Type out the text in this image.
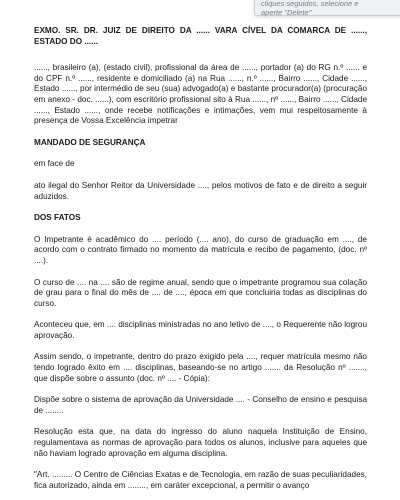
cliques seguidos, selecione e
aperte "Delete"

EXMO. SR. DR. JUIZ DE DIREITO DA ...... VARA CÍVEL DA COMARCA DE ......, ESTADO DO ......

......, brasileiro (a), (estado civil), profissional da área de ......, portador (a) do RG n.º ...... e do CPF n.º ......, residente e domiciliado (a) na Rua ......, n.º ......, Bairro ......, Cidade ......, Estado ......, por intermédio de seu (sua) advogado(a) e bastante procurador(a) (procuração em anexo - doc. ......), com escritório profissional sito à Rua ......, nº ......, Bairro ......, Cidade ......, Estado ......, onde recebe notificações e intimações, vem mui respeitosamente à presença de Vossa Excelência impetrar

MANDADO DE SEGURANÇA

em face de

ato ilegal do Senhor Reitor da Universidade ...., pelos motivos de fato e de direito a seguir aduzidos.

DOS FATOS

O Impetrante é acadêmico do .... período (.... ano), do curso de graduação em ...., de acordo com o contrato firmado no momento da matrícula e recibo de pagamento, (doc. nº ....).

O curso de .... na .... são de regime anual, sendo que o impetrante programou sua colação de grau para o final do mês de .... de ...., época em que concluiria todas as disciplinas do curso.

Aconteceu que, em .... disciplinas ministradas no ano letivo de ...., o Requerente não logrou aprovação.

Assim sendo, o impetrante, dentro do prazo exigido pela ...., requer matrícula mesmo não tendo logrado êxito em .... disciplinas, baseando-se no artigo ....... da Resolução nº ......., que dispõe sobre o assunto (doc. nº .... - Cópia):

Dispõe sobre o sistema de aprovação da Universidade .... - Conselho de ensino e pesquisa de ........

Resolução esta que, na data do ingresso do aluno naquela Instituição de Ensino, regulamentava as normas de aprovação para todos os alunos, inclusive para aqueles que não haviam logrado aprovação em alguma disciplina.

"Art. ......... O Centro de Ciências Exatas e de Tecnologia, em razão de suas peculiaridades, fica autorizado, ainda em ........, em caráter excepcional, a permitir o avanço
